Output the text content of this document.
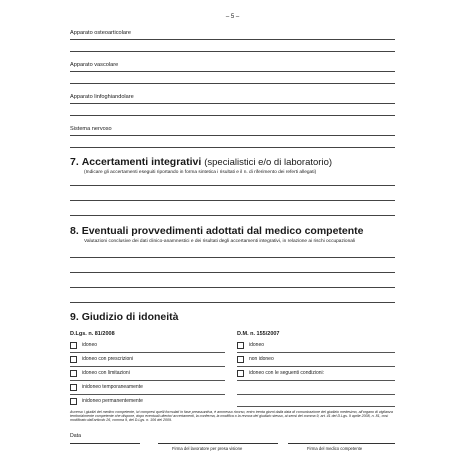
– 5 –
Apparato osteoarticolare
Apparato vascolare
Apparato linfoghiandolare
Sistema nervoso
7. Accertamenti integrativi (specialistici e/o di laboratorio)
(Indicare gli accertamenti eseguiti riportando in forma sintetica i risultati e il n. di riferimento dei referti allegati)
8. Eventuali provvedimenti adottati dal medico competente
Valutazioni conclusive dei dati clinico-anamnestici e dei risultati degli accertamenti integrativi, in relazione ai rischi occupazionali
9. Giudizio di idoneità
D.Lgs. n. 81/2008	D.M. n. 155/2007
idoneo
idoneo con prescrizioni
idoneo con limitazioni
inidoneo temporaneamente
inidoneo permanentemente
idoneo
non idoneo
idoneo con le seguenti condizioni:
Avverso i giudizi del medico competente, ivi compresi quelli formulati in fase preassuntiva, è ammesso ricorso, entro trenta giorni dalla data di comunicazione del giudizio medesimo, all'organo di vigilanza territorialmente competente che dispone, dopo eventuali ulteriori accertamenti, la conferma, la modifica o la revoca del giudizio stesso, ai sensi del comma 9, art. 41 del D.Lgs. 9 aprile 2008, n. 81, così modificato dall'articolo 26, comma 9, del D.Lgs. n. 106 del 2009.
Data
Firma del lavoratore per presa visione	Firma del medico competente
